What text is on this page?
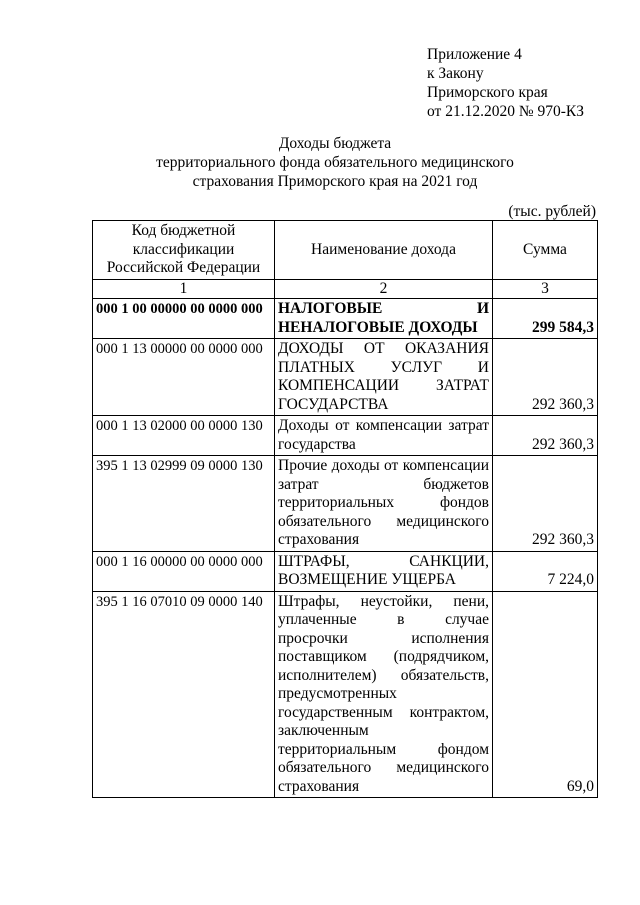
Приложение 4
к Закону
Приморского края
от 21.12.2020 № 970-КЗ
Доходы бюджета
территориального фонда обязательного медицинского
страхования Приморского края на 2021 год
(тыс. рублей)
Код бюджетной классификации Российской Федерации	Наименование дохода	Сумма
1	2	3
000 1 00 00000 00 0000 000	НАЛОГОВЫЕ И НЕНАЛОГОВЫЕ ДОХОДЫ	299 584,3
000 1 13 00000 00 0000 000	ДОХОДЫ ОТ ОКАЗАНИЯ ПЛАТНЫХ УСЛУГ И КОМПЕНСАЦИИ ЗАТРАТ ГОСУДАРСТВА	292 360,3
000 1 13 02000 00 0000 130	Доходы от компенсации затрат государства	292 360,3
395 1 13 02999 09 0000 130	Прочие доходы от компенсации затрат бюджетов территориальных фондов обязательного медицинского страхования	292 360,3
000 1 16 00000 00 0000 000	ШТРАФЫ, САНКЦИИ, ВОЗМЕЩЕНИЕ УЩЕРБА	7 224,0
395 1 16 07010 09 0000 140	Штрафы, неустойки, пени, уплаченные в случае просрочки исполнения поставщиком (подрядчиком, исполнителем) обязательств, предусмотренных государственным контрактом, заключенным территориальным фондом обязательного медицинского страхования	69,0
